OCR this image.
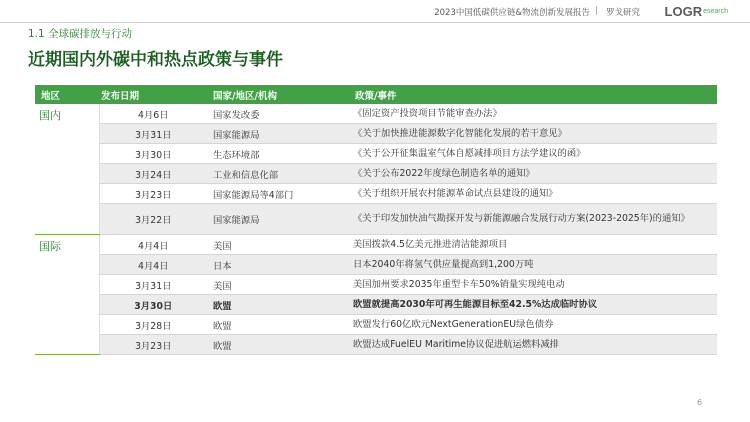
2023中国低碳供应链&物流创新发展报告 | 罗戈研究 LOGR esearch
1.1 全球碳排放与行动
近期国内外碳中和热点政策与事件
地区	发布日期	国家/地区/机构	政策/事件
国内	4月6日	国家发改委	《固定资产投资项目节能审查办法》
	3月31日	国家能源局	《关于加快推进能源数字化智能化发展的若干意见》
	3月30日	生态环境部	《关于公开征集温室气体自愿减排项目方法学建议的函》
	3月24日	工业和信息化部	《关于公布2022年度绿色制造名单的通知》
	3月23日	国家能源局等4部门	《关于组织开展农村能源革命试点县建设的通知》
	3月22日	国家能源局	《关于印发加快油气勘探开发与新能源融合发展行动方案(2023-2025年)的通知》
国际	4月4日	美国	美国拨款4.5亿美元推进清洁能源项目
	4月4日	日本	日本2040年将氢气供应量提高到1,200万吨
	3月31日	美国	美国加州要求2035年重型卡车50%销量实现纯电动
	3月30日	欧盟	欧盟就提高2030年可再生能源目标至42.5%达成临时协议
	3月28日	欧盟	欧盟发行60亿欧元NextGenerationEU绿色债券
	3月23日	欧盟	欧盟达成FuelEU Maritime协议促进航运燃料减排
6
